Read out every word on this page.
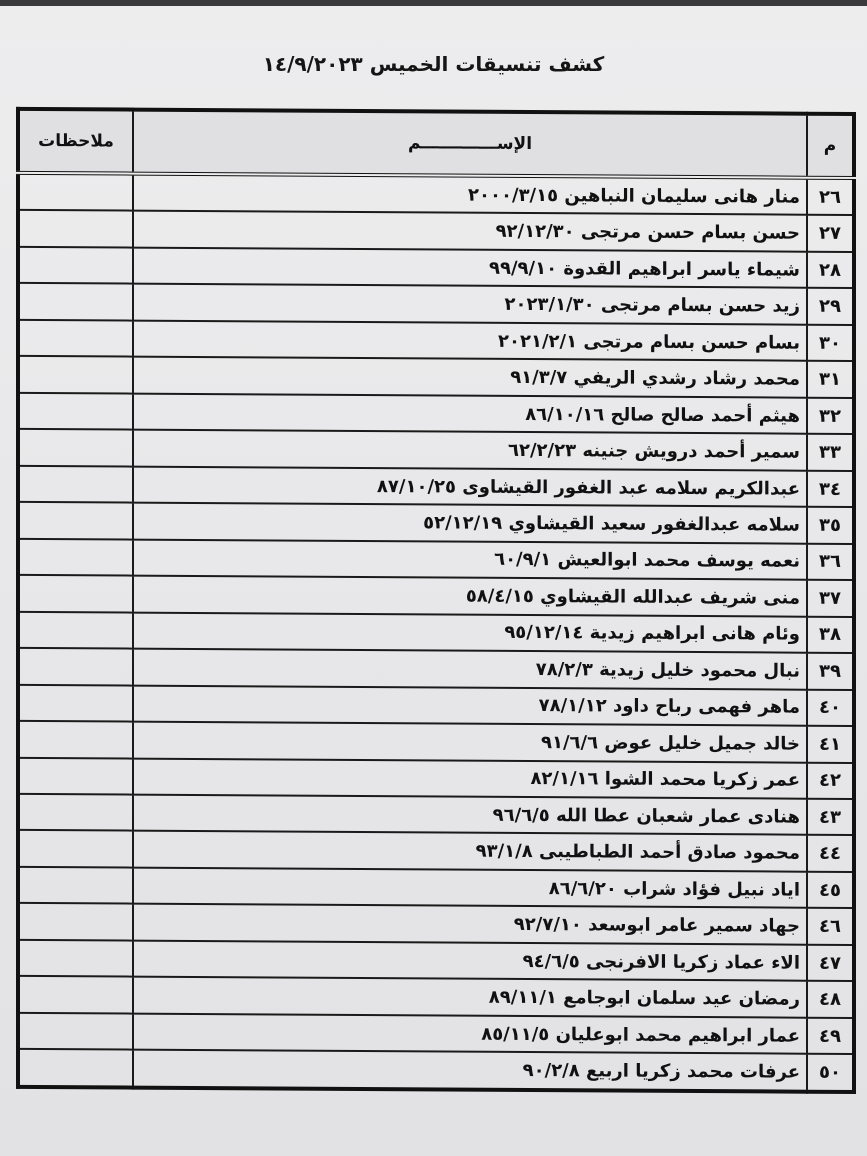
كشف تنسيقات الخميس ١٤/٩/٢٠٢٣
م	الإســـــــــــــم	ملاحظات
٢٦	منار هانى سليمان النباهين ٢٠٠٠/٣/١٥	
٢٧	حسن بسام حسن مرتجى ٩٢/١٢/٣٠	
٢٨	شيماء ياسر ابراهيم القدوة ٩٩/٩/١٠	
٢٩	زيد حسن بسام مرتجى ٢٠٢٣/١/٣٠	
٣٠	بسام حسن بسام مرتجى ٢٠٢١/٢/١	
٣١	محمد رشاد رشدي الريفي ٩١/٣/٧	
٣٢	هيثم أحمد صالح صالح ٨٦/١٠/١٦	
٣٣	سمير أحمد درويش جنينه ٦٢/٢/٢٣	
٣٤	عبدالكريم سلامه عبد الغفور القيشاوى ٨٧/١٠/٢٥	
٣٥	سلامه عبدالغفور سعيد القيشاوي ٥٢/١٢/١٩	
٣٦	نعمه يوسف محمد ابوالعيش ٦٠/٩/١	
٣٧	منى شريف عبدالله القيشاوي ٥٨/٤/١٥	
٣٨	وئام هانى ابراهيم زيدية ٩٥/١٢/١٤	
٣٩	نبال محمود خليل زيدية ٧٨/٢/٣	
٤٠	ماهر فهمى رباح داود ٧٨/١/١٢	
٤١	خالد جميل خليل عوض ٩١/٦/٦	
٤٢	عمر زكريا محمد الشوا ٨٢/١/١٦	
٤٣	هنادى عمار شعبان عطا الله ٩٦/٦/٥	
٤٤	محمود صادق أحمد الطباطيبى ٩٣/١/٨	
٤٥	اياد نبيل فؤاد شراب ٨٦/٦/٢٠	
٤٦	جهاد سمير عامر ابوسعد ٩٢/٧/١٠	
٤٧	الاء عماد زكريا الافرنجى ٩٤/٦/٥	
٤٨	رمضان عيد سلمان ابوجامع ٨٩/١١/١	
٤٩	عمار ابراهيم محمد ابوعليان ٨٥/١١/٥	
٥٠	عرفات محمد زكريا اربيع ٩٠/٢/٨	
